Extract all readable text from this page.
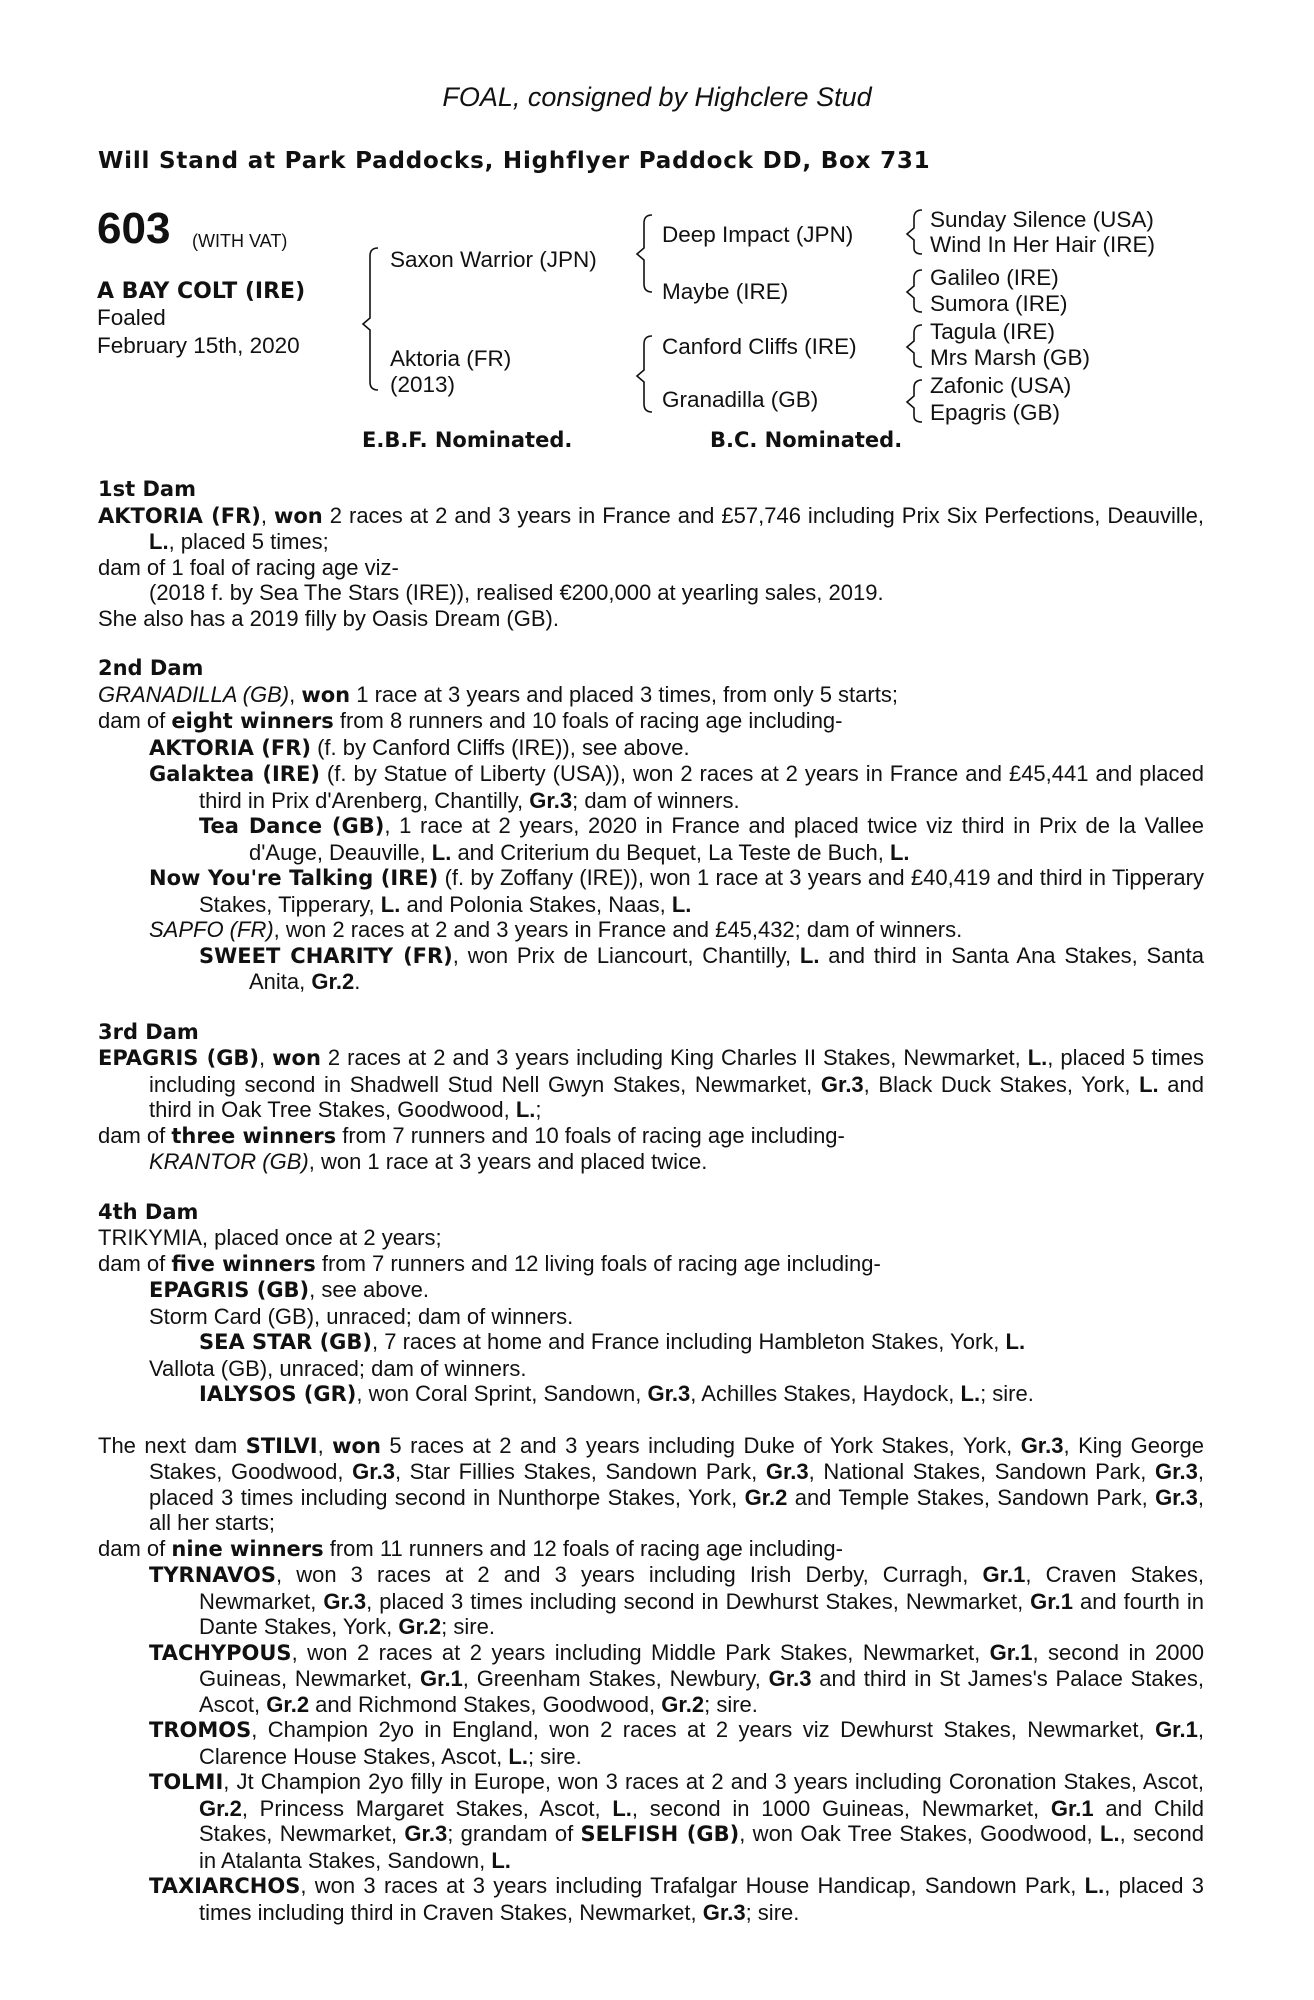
FOAL, consigned by Highclere Stud
Will Stand at Park Paddocks, Highflyer Paddock DD, Box 731
603 (WITH VAT)
A BAY COLT (IRE)
Foaled
February 15th, 2020
Saxon Warrior (JPN)
Aktoria (FR)
(2013)
Deep Impact (JPN)
Maybe (IRE)
Canford Cliffs (IRE)
Granadilla (GB)
Sunday Silence (USA)
Wind In Her Hair (IRE)
Galileo (IRE)
Sumora (IRE)
Tagula (IRE)
Mrs Marsh (GB)
Zafonic (USA)
Epagris (GB)
E.B.F. Nominated.	B.C. Nominated.

1st Dam

AKTORIA (FR), won 2 races at 2 and 3 years in France and £57,746 including Prix Six Perfections, Deauville, L., placed 5 times;

dam of 1 foal of racing age viz-

(2018 f. by Sea The Stars (IRE)), realised €200,000 at yearling sales, 2019.

She also has a 2019 filly by Oasis Dream (GB).

2nd Dam

GRANADILLA (GB), won 1 race at 3 years and placed 3 times, from only 5 starts;

dam of eight winners from 8 runners and 10 foals of racing age including-

AKTORIA (FR) (f. by Canford Cliffs (IRE)), see above.

Galaktea (IRE) (f. by Statue of Liberty (USA)), won 2 races at 2 years in France and £45,441 and placed third in Prix d'Arenberg, Chantilly, Gr.3; dam of winners.

Tea Dance (GB), 1 race at 2 years, 2020 in France and placed twice viz third in Prix de la Vallee d'Auge, Deauville, L. and Criterium du Bequet, La Teste de Buch, L.

Now You're Talking (IRE) (f. by Zoffany (IRE)), won 1 race at 3 years and £40,419 and third in Tipperary Stakes, Tipperary, L. and Polonia Stakes, Naas, L.

SAPFO (FR), won 2 races at 2 and 3 years in France and £45,432; dam of winners.

SWEET CHARITY (FR), won Prix de Liancourt, Chantilly, L. and third in Santa Ana Stakes, Santa Anita, Gr.2.

3rd Dam

EPAGRIS (GB), won 2 races at 2 and 3 years including King Charles II Stakes, Newmarket, L., placed 5 times including second in Shadwell Stud Nell Gwyn Stakes, Newmarket, Gr.3, Black Duck Stakes, York, L. and third in Oak Tree Stakes, Goodwood, L.;

dam of three winners from 7 runners and 10 foals of racing age including-

KRANTOR (GB), won 1 race at 3 years and placed twice.

4th Dam

TRIKYMIA, placed once at 2 years;

dam of five winners from 7 runners and 12 living foals of racing age including-

EPAGRIS (GB), see above.

Storm Card (GB), unraced; dam of winners.

SEA STAR (GB), 7 races at home and France including Hambleton Stakes, York, L.

Vallota (GB), unraced; dam of winners.

IALYSOS (GR), won Coral Sprint, Sandown, Gr.3, Achilles Stakes, Haydock, L.; sire.

The next dam STILVI, won 5 races at 2 and 3 years including Duke of York Stakes, York, Gr.3, King George Stakes, Goodwood, Gr.3, Star Fillies Stakes, Sandown Park, Gr.3, National Stakes, Sandown Park, Gr.3, placed 3 times including second in Nunthorpe Stakes, York, Gr.2 and Temple Stakes, Sandown Park, Gr.3, all her starts;

dam of nine winners from 11 runners and 12 foals of racing age including-

TYRNAVOS, won 3 races at 2 and 3 years including Irish Derby, Curragh, Gr.1, Craven Stakes, Newmarket, Gr.3, placed 3 times including second in Dewhurst Stakes, Newmarket, Gr.1 and fourth in Dante Stakes, York, Gr.2; sire.

TACHYPOUS, won 2 races at 2 years including Middle Park Stakes, Newmarket, Gr.1, second in 2000 Guineas, Newmarket, Gr.1, Greenham Stakes, Newbury, Gr.3 and third in St James's Palace Stakes, Ascot, Gr.2 and Richmond Stakes, Goodwood, Gr.2; sire.

TROMOS, Champion 2yo in England, won 2 races at 2 years viz Dewhurst Stakes, Newmarket, Gr.1, Clarence House Stakes, Ascot, L.; sire.

TOLMI, Jt Champion 2yo filly in Europe, won 3 races at 2 and 3 years including Coronation Stakes, Ascot, Gr.2, Princess Margaret Stakes, Ascot, L., second in 1000 Guineas, Newmarket, Gr.1 and Child Stakes, Newmarket, Gr.3; grandam of SELFISH (GB), won Oak Tree Stakes, Goodwood, L., second in Atalanta Stakes, Sandown, L.

TAXIARCHOS, won 3 races at 3 years including Trafalgar House Handicap, Sandown Park, L., placed 3 times including third in Craven Stakes, Newmarket, Gr.3; sire.
